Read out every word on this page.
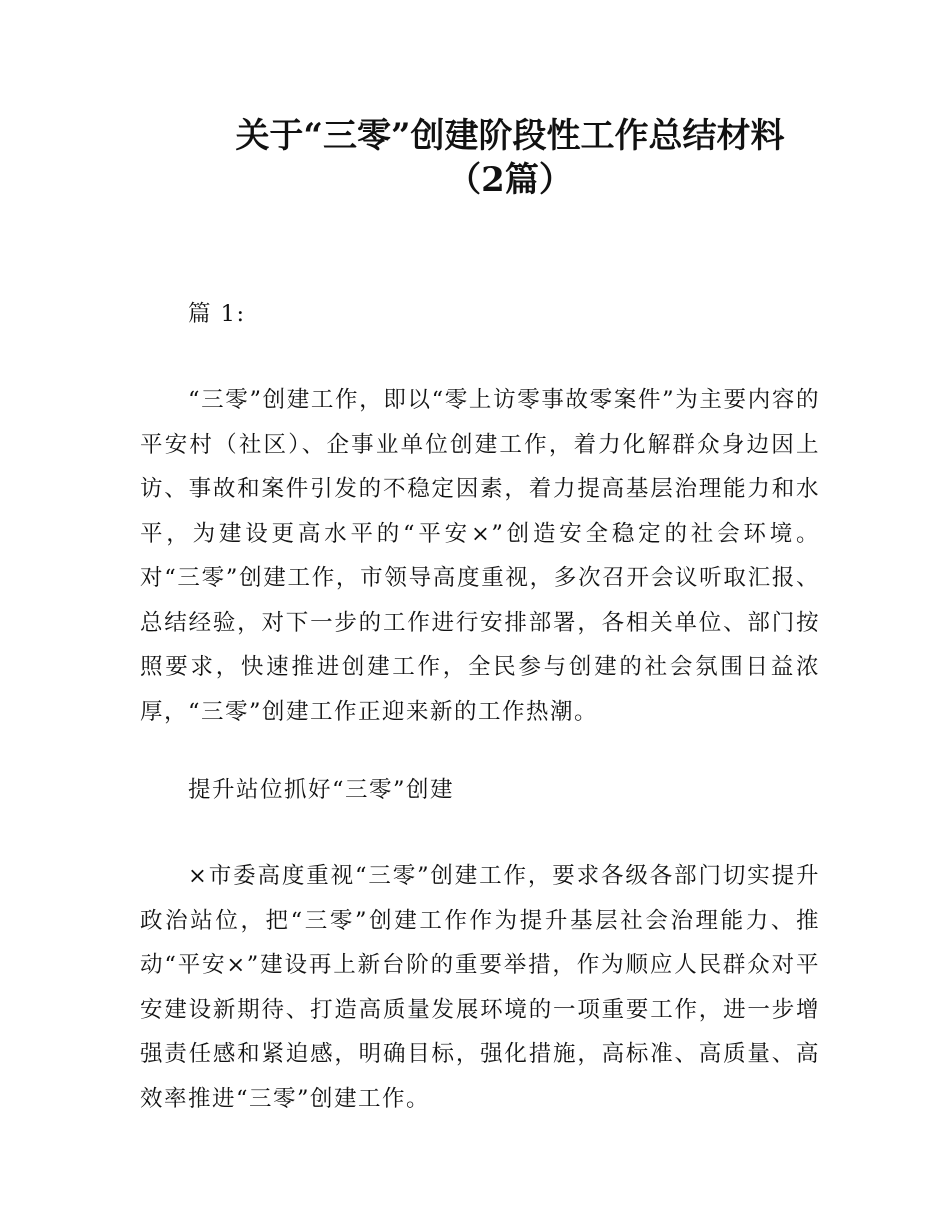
关于“三零”创建阶段性工作总结材料
（2篇）

篇 1:

“三零”创建工作，即以“零上访零事故零案件”为主要内容的平安村（社区）、企事业单位创建工作，着力化解群众身边因上访、事故和案件引发的不稳定因素，着力提高基层治理能力和水平，为建设更高水平的“平安×”创造安全稳定的社会环境。对“三零”创建工作，市领导高度重视，多次召开会议听取汇报、总结经验，对下一步的工作进行安排部署，各相关单位、部门按照要求，快速推进创建工作，全民参与创建的社会氛围日益浓厚，“三零”创建工作正迎来新的工作热潮。

提升站位抓好“三零”创建

×市委高度重视“三零”创建工作，要求各级各部门切实提升政治站位，把“三零”创建工作作为提升基层社会治理能力、推动“平安×”建设再上新台阶的重要举措，作为顺应人民群众对平安建设新期待、打造高质量发展环境的一项重要工作，进一步增强责任感和紧迫感，明确目标，强化措施，高标准、高质量、高效率推进“三零”创建工作。
